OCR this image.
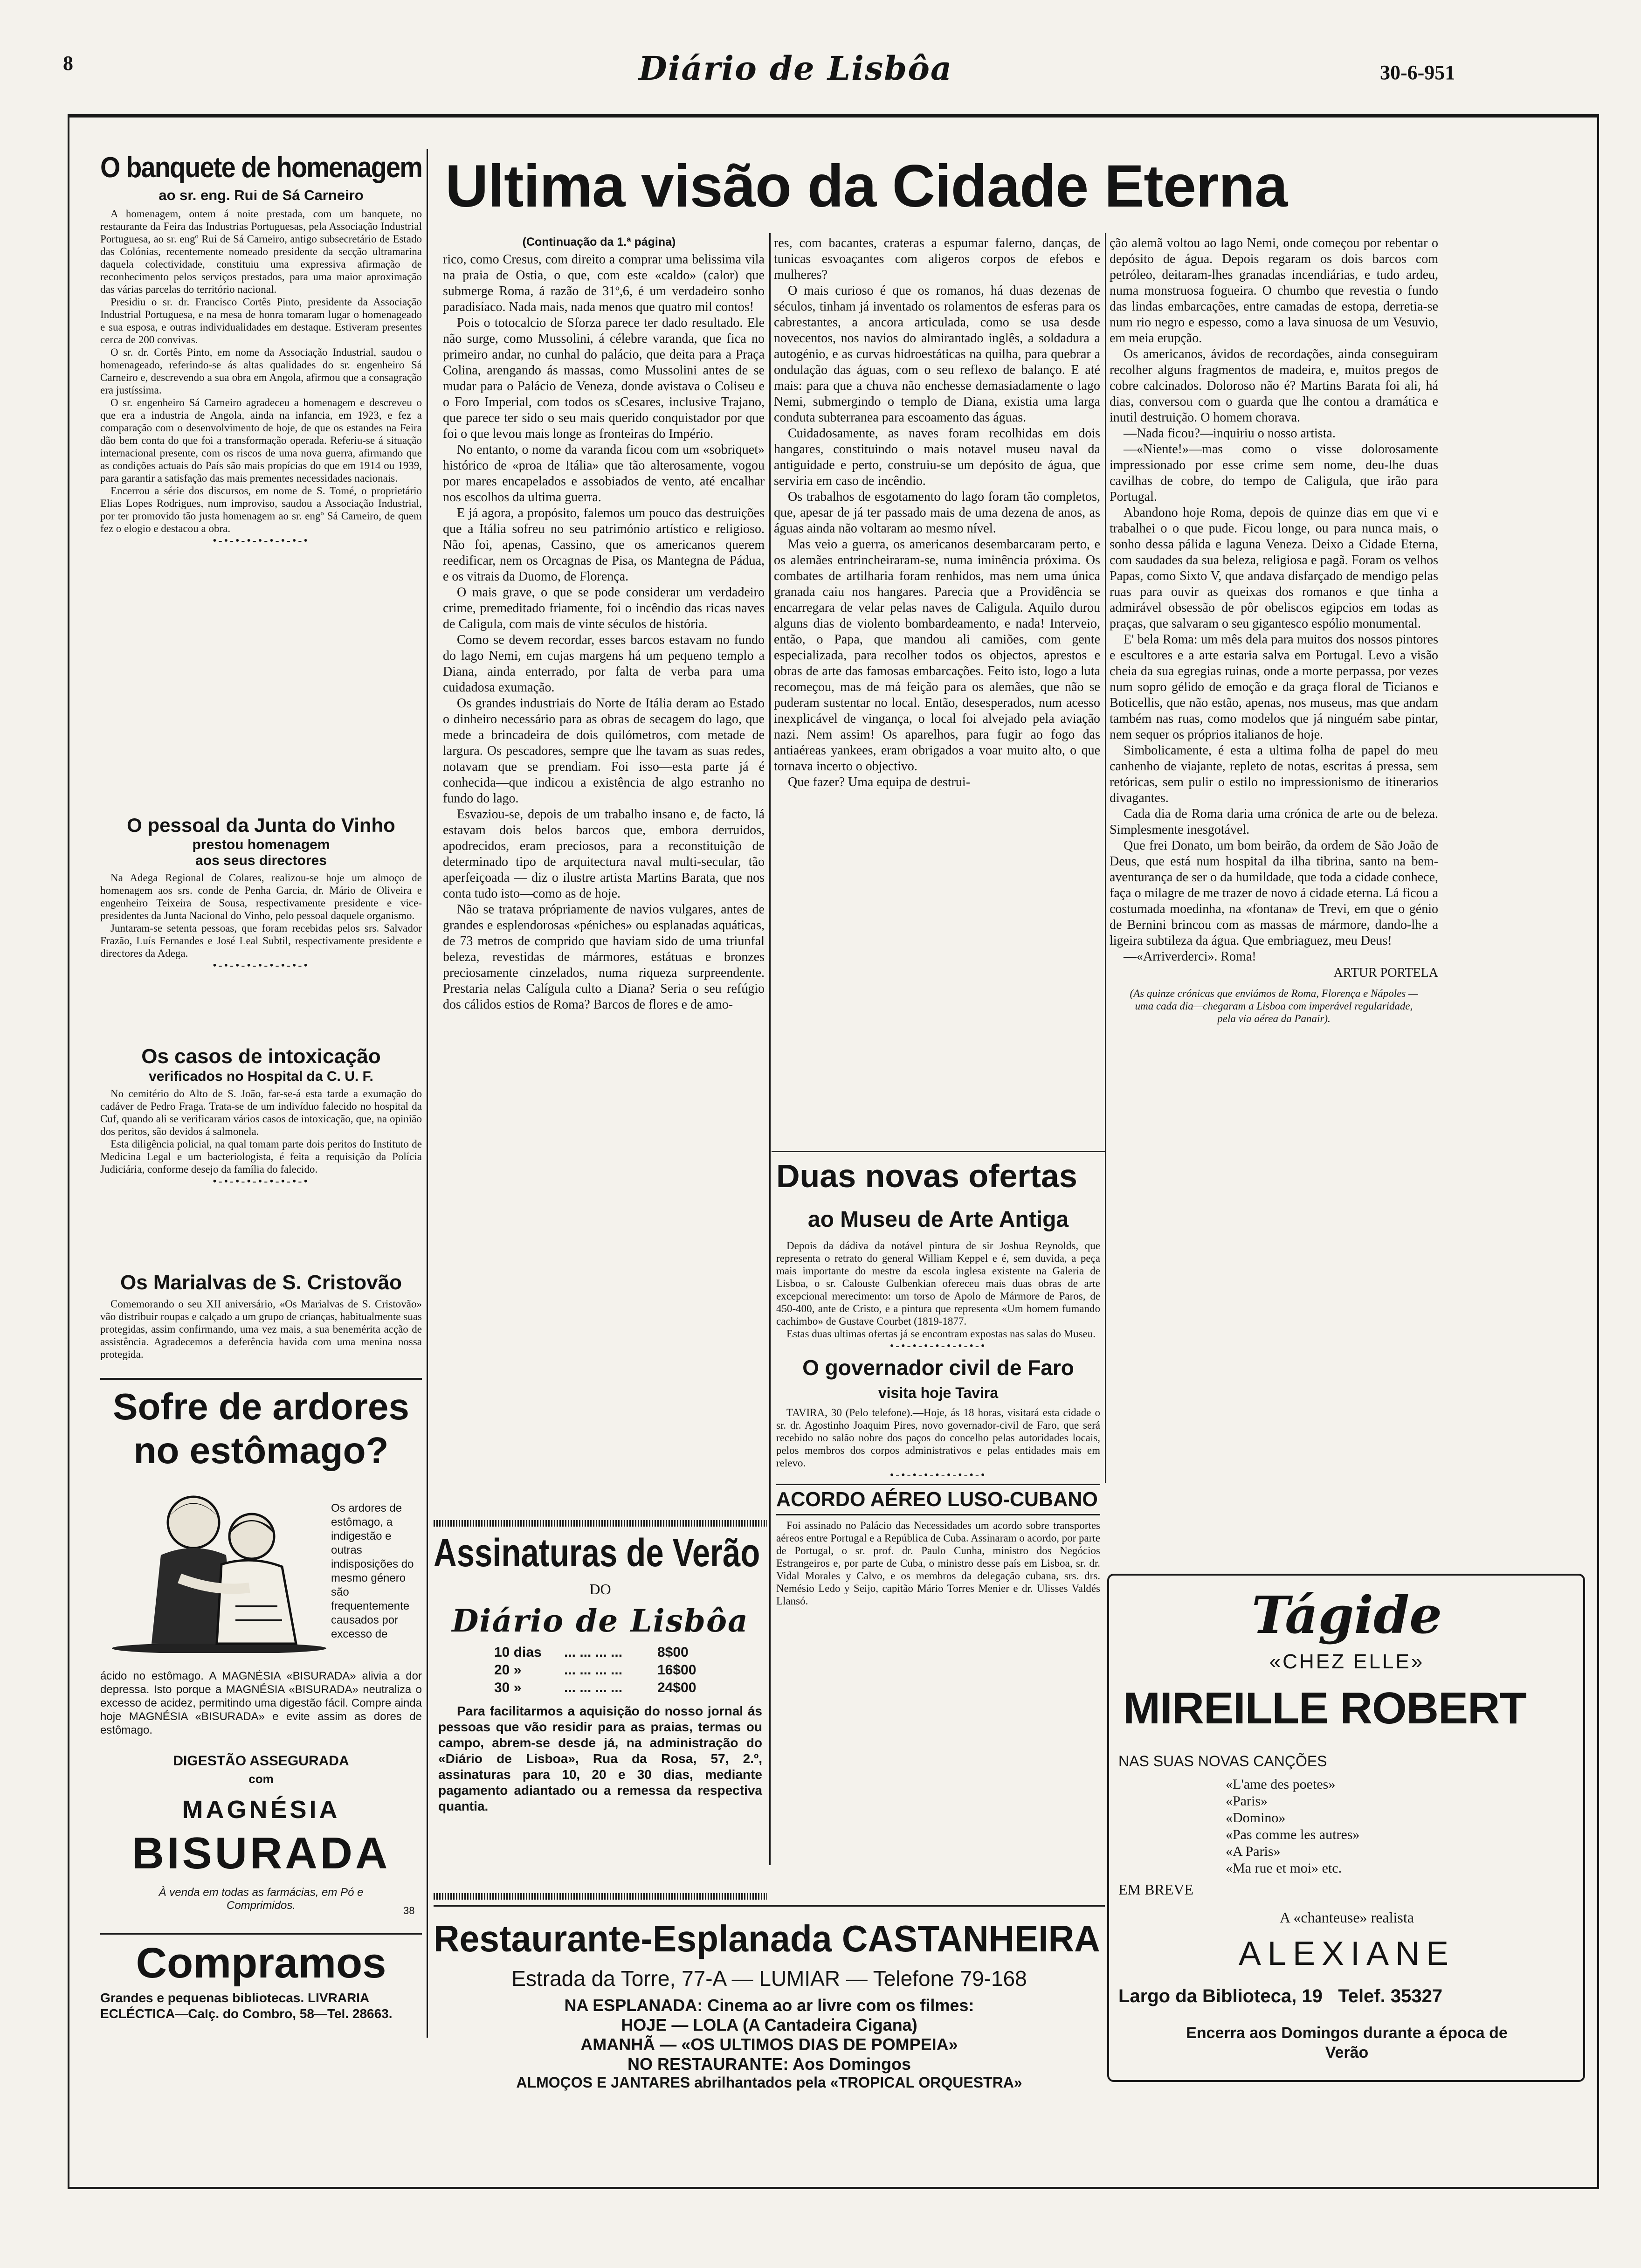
8	Diário de Lisbôa	30-6-951
O banquete de homenagem
ao sr. eng. Rui de Sá Carneiro

A homenagem, ontem á noite prestada, com um banquete, no restaurante da Feira das Industrias Portuguesas, pela Associação Industrial Portuguesa, ao sr. engº Rui de Sá Carneiro, antigo subsecretário de Estado das Colónias, recentemente nomeado presidente da secção ultramarina daquela colectividade, constituiu uma expressiva afirmação de reconhecimento pelos serviços prestados, para uma maior aproximação das várias parcelas do território nacional.

Presidiu o sr. dr. Francisco Cortês Pinto, presidente da Associação Industrial Portuguesa, e na mesa de honra tomaram lugar o homenageado e sua esposa, e outras individualidades em destaque. Estiveram presentes cerca de 200 convivas.

O sr. dr. Cortês Pinto, em nome da Associação Industrial, saudou o homenageado, referindo-se ás altas qualidades do sr. engenheiro Sá Carneiro e, descrevendo a sua obra em Angola, afirmou que a consagração era justíssima.

O sr. engenheiro Sá Carneiro agradeceu a homenagem e descreveu o que era a industria de Angola, ainda na infancia, em 1923, e fez a comparação com o desenvolvimento de hoje, de que os estandes na Feira dão bem conta do que foi a transformação operada. Referiu-se á situação internacional presente, com os riscos de uma nova guerra, afirmando que as condições actuais do País são mais propícias do que em 1914 ou 1939, para garantir a satisfação das mais prementes necessidades nacionais.

Encerrou a série dos discursos, em nome de S. Tomé, o proprietário Elias Lopes Rodrigues, num improviso, saudou a Associação Industrial, por ter promovido tão justa homenagem ao sr. engº Sá Carneiro, de quem fez o elogio e destacou a obra.

•-•-•-•-•-•-•-•-•
O pessoal da Junta do Vinho
prestou homenagem
aos seus directores

Na Adega Regional de Colares, realizou-se hoje um almoço de homenagem aos srs. conde de Penha Garcia, dr. Mário de Oliveira e engenheiro Teixeira de Sousa, respectivamente presidente e vice-presidentes da Junta Nacional do Vinho, pelo pessoal daquele organismo.

Juntaram-se setenta pessoas, que foram recebidas pelos srs. Salvador Frazão, Luís Fernandes e José Leal Subtil, respectivamente presidente e directores da Adega.

•-•-•-•-•-•-•-•-•
Os casos de intoxicação
verificados no Hospital da C. U. F.

No cemitério do Alto de S. João, far-se-á esta tarde a exumação do cadáver de Pedro Fraga. Trata-se de um indivíduo falecido no hospital da Cuf, quando ali se verificaram vários casos de intoxicação, que, na opinião dos peritos, são devidos á salmonela.

Esta diligência policial, na qual tomam parte dois peritos do Instituto de Medicina Legal e um bacteriologista, é feita a requisição da Polícia Judiciária, conforme desejo da família do falecido.

•-•-•-•-•-•-•-•-•
Os Marialvas de S. Cristovão

Comemorando o seu XII aniversário, «Os Marialvas de S. Cristovão» vão distribuir roupas e calçado a um grupo de crianças, habitualmente suas protegidas, assim confirmando, uma vez mais, a sua benemérita acção de assistência. Agradecemos a deferência havida com uma menina nossa protegida.

Sofre de ardores
no estômago?

Os ardores de estômago, a indigestão e outras indisposições do mesmo género são frequentemente causados por excesso de

ácido no estômago. A MAGNÉSIA «BISURADA» alivia a dor depressa. Isto porque a MAGNÉSIA «BISURADA» neutraliza o excesso de acidez, permitindo uma digestão fácil. Compre ainda hoje MAGNÉSIA «BISURADA» e evite assim as dores de estômago.

DIGESTÃO ASSEGURADA
com
MAGNÉSIA
BISURADA
À venda em todas as farmácias, em Pó e Comprimidos.	38
Compramos

Grandes e pequenas bibliotecas. LIVRARIA ECLÉCTICA—Calç. do Combro, 58—Tel. 28663.

Ultima visão da Cidade Eterna
(Continuação da 1.ª página)

rico, como Cresus, com direito a comprar uma belissima vila na praia de Ostia, o que, com este «caldo» (calor) que submerge Roma, á razão de 31º,6, é um verdadeiro sonho paradisíaco. Nada mais, nada menos que quatro mil contos!

Pois o totocalcio de Sforza parece ter dado resultado. Ele não surge, como Mussolini, á célebre varanda, que fica no primeiro andar, no cunhal do palácio, que deita para a Praça Colina, arengando ás massas, como Mussolini antes de se mudar para o Palácio de Veneza, donde avistava o Coliseu e o Foro Imperial, com todos os sCesares, inclusive Trajano, que parece ter sido o seu mais querido conquistador por que foi o que levou mais longe as fronteiras do Império.

No entanto, o nome da varanda ficou com um «sobriquet» histórico de «proa de Itália» que tão alterosamente, vogou por mares encapelados e assobiados de vento, até encalhar nos escolhos da ultima guerra.

E já agora, a propósito, falemos um pouco das destruições que a Itália sofreu no seu património artístico e religioso. Não foi, apenas, Cassino, que os americanos querem reedificar, nem os Orcagnas de Pisa, os Mantegna de Pádua, e os vitrais da Duomo, de Florença.

O mais grave, o que se pode considerar um verdadeiro crime, premeditado friamente, foi o incêndio das ricas naves de Caligula, com mais de vinte séculos de história.

Como se devem recordar, esses barcos estavam no fundo do lago Nemi, em cujas margens há um pequeno templo a Diana, ainda enterrado, por falta de verba para uma cuidadosa exumação.

Os grandes industriais do Norte de Itália deram ao Estado o dinheiro necessário para as obras de secagem do lago, que mede a brincadeira de dois quilómetros, com metade de largura. Os pescadores, sempre que lhe tavam as suas redes, notavam que se prendiam. Foi isso—esta parte já é conhecida—que indicou a existência de algo estranho no fundo do lago.

Esvaziou-se, depois de um trabalho insano e, de facto, lá estavam dois belos barcos que, embora derruidos, apodrecidos, eram preciosos, para a reconstituição de determinado tipo de arquitectura naval multi-secular, tão aperfeiçoada — diz o ilustre artista Martins Barata, que nos conta tudo isto—como as de hoje.

Não se tratava própriamente de navios vulgares, antes de grandes e esplendorosas «péniches» ou esplanadas aquáticas, de 73 metros de comprido que haviam sido de uma triunfal beleza, revestidas de mármores, estátuas e bronzes preciosamente cinzelados, numa riqueza surpreendente. Prestaria nelas Calígula culto a Diana? Seria o seu refúgio dos cálidos estios de Roma? Barcos de flores e de amo-

res, com bacantes, crateras a espumar falerno, danças, de tunicas esvoaçantes com aligeros corpos de efebos e mulheres?

O mais curioso é que os romanos, há duas dezenas de séculos, tinham já inventado os rolamentos de esferas para os cabrestantes, a ancora articulada, como se usa desde novecentos, nos navios do almirantado inglês, a soldadura a autogénio, e as curvas hidroestáticas na quilha, para quebrar a ondulação das águas, com o seu reflexo de balanço. E até mais: para que a chuva não enchesse demasiadamente o lago Nemi, submergindo o templo de Diana, existia uma larga conduta subterranea para escoamento das águas.

Cuidadosamente, as naves foram recolhidas em dois hangares, constituindo o mais notavel museu naval da antiguidade e perto, construiu-se um depósito de água, que serviria em caso de incêndio.

Os trabalhos de esgotamento do lago foram tão completos, que, apesar de já ter passado mais de uma dezena de anos, as águas ainda não voltaram ao mesmo nível.

Mas veio a guerra, os americanos desembarcaram perto, e os alemães entrincheiraram-se, numa iminência próxima. Os combates de artilharia foram renhidos, mas nem uma única granada caiu nos hangares. Parecia que a Providência se encarregara de velar pelas naves de Caligula. Aquilo durou alguns dias de violento bombardeamento, e nada! Interveio, então, o Papa, que mandou ali camiões, com gente especializada, para recolher todos os objectos, aprestos e obras de arte das famosas embarcações. Feito isto, logo a luta recomeçou, mas de má feição para os alemães, que não se puderam sustentar no local. Então, desesperados, num acesso inexplicável de vingança, o local foi alvejado pela aviação nazi. Nem assim! Os aparelhos, para fugir ao fogo das antiaéreas yankees, eram obrigados a voar muito alto, o que tornava incerto o objectivo.

Que fazer? Uma equipa de destrui-

ção alemã voltou ao lago Nemi, onde começou por rebentar o depósito de água. Depois regaram os dois barcos com petróleo, deitaram-lhes granadas incendiárias, e tudo ardeu, numa monstruosa fogueira. O chumbo que revestia o fundo das lindas embarcações, entre camadas de estopa, derretia-se num rio negro e espesso, como a lava sinuosa de um Vesuvio, em meia erupção.

Os americanos, ávidos de recordações, ainda conseguiram recolher alguns fragmentos de madeira, e, muitos pregos de cobre calcinados. Doloroso não é? Martins Barata foi ali, há dias, conversou com o guarda que lhe contou a dramática e inutil destruição. O homem chorava.

—Nada ficou?—inquiriu o nosso artista.

—«Niente!»—mas como o visse dolorosamente impressionado por esse crime sem nome, deu-lhe duas cavilhas de cobre, do tempo de Caligula, que irão para Portugal.

Abandono hoje Roma, depois de quinze dias em que vi e trabalhei o o que pude. Ficou longe, ou para nunca mais, o sonho dessa pálida e laguna Veneza. Deixo a Cidade Eterna, com saudades da sua beleza, religiosa e pagã. Foram os velhos Papas, como Sixto V, que andava disfarçado de mendigo pelas ruas para ouvir as queixas dos romanos e que tinha a admirável obsessão de pôr obeliscos egipcios em todas as praças, que salvaram o seu gigantesco espólio monumental.

E' bela Roma: um mês dela para muitos dos nossos pintores e escultores e a arte estaria salva em Portugal. Levo a visão cheia da sua egregias ruinas, onde a morte perpassa, por vezes num sopro gélido de emoção e da graça floral de Ticianos e Boticellis, que não estão, apenas, nos museus, mas que andam também nas ruas, como modelos que já ninguém sabe pintar, nem sequer os próprios italianos de hoje.

Simbolicamente, é esta a ultima folha de papel do meu canhenho de viajante, repleto de notas, escritas á pressa, sem retóricas, sem pulir o estilo no impressionismo de itinerarios divagantes.

Cada dia de Roma daria uma crónica de arte ou de beleza. Simplesmente inesgotável.

Que frei Donato, um bom beirão, da ordem de São João de Deus, que está num hospital da ilha tibrina, santo na bem-aventurança de ser o da humildade, que toda a cidade conhece, faça o milagre de me trazer de novo á cidade eterna. Lá ficou a costumada moedinha, na «fontana» de Trevi, em que o génio de Bernini brincou com as massas de mármore, dando-lhe a ligeira subtileza da água. Que embriaguez, meu Deus!

—«Arriverderci». Roma!

ARTUR PORTELA

(As quinze crónicas que enviámos de Roma, Florença e Nápoles — uma cada dia—chegaram a Lisboa com imperável regularidade, pela via aérea da Panair).

Duas novas ofertas
ao Museu de Arte Antiga

Depois da dádiva da notável pintura de sir Joshua Reynolds, que representa o retrato do general William Keppel e é, sem duvida, a peça mais importante do mestre da escola inglesa existente na Galeria de Lisboa, o sr. Calouste Gulbenkian ofereceu mais duas obras de arte excepcional merecimento: um torso de Apolo de Mármore de Paros, de 450-400, ante de Cristo, e a pintura que representa «Um homem fumando cachimbo» de Gustave Courbet (1819-1877.

Estas duas ultimas ofertas já se encontram expostas nas salas do Museu.

•-•-•-•-•-•-•-•-•
O governador civil de Faro
visita hoje Tavira

TAVIRA, 30 (Pelo telefone).—Hoje, ás 18 horas, visitará esta cidade o sr. dr. Agostinho Joaquim Pires, novo governador-civil de Faro, que será recebido no salão nobre dos paços do concelho pelas autoridades locais, pelos membros dos corpos administrativos e pelas entidades mais em relevo.

•-•-•-•-•-•-•-•-•
ACORDO AÉREO LUSO-CUBANO

Foi assinado no Palácio das Necessidades um acordo sobre transportes aéreos entre Portugal e a República de Cuba. Assinaram o acordo, por parte de Portugal, o sr. prof. dr. Paulo Cunha, ministro dos Negócios Estrangeiros e, por parte de Cuba, o ministro desse país em Lisboa, sr. dr. Vidal Morales y Calvo, e os membros da delegação cubana, srs. drs. Nemésio Ledo y Seijo, capitão Mário Torres Menier e dr. Ulisses Valdés Llansó.	Tágide
«CHEZ ELLE»
MIREILLE ROBERT
NAS SUAS NOVAS CANÇÕES
«L'ame des poetes»
«Paris»
«Domino»
«Pas comme les autres»
«A Paris»
«Ma rue et moi» etc.
EM BREVE
A «chanteuse» realista
ALEXIANE
Largo da Biblioteca, 19   Telef. 35327
Encerra aos Domingos durante a época de Verão
Assinaturas de Verão
DO
Diário de Lisbôa
10 dias ... ... ... ... 8$00
20 »	... ... ... ... 16$00
30 »	... ... ... ... 24$00

Para facilitarmos a aquisição do nosso jornal ás pessoas que vão residir para as praias, termas ou campo, abrem-se desde já, na administração do «Diário de Lisboa», Rua da Rosa, 57, 2.º, assinaturas para 10, 20 e 30 dias, mediante pagamento adiantado ou a remessa da respectiva quantia.

Restaurante-Esplanada CASTANHEIRA
Estrada da Torre, 77-A — LUMIAR — Telefone 79-168
NA ESPLANADA: Cinema ao ar livre com os filmes:
HOJE — LOLA (A Cantadeira Cigana)
AMANHÃ — «OS ULTIMOS DIAS DE POMPEIA»
NO RESTAURANTE: Aos Domingos
ALMOÇOS E JANTARES abrilhantados pela «TROPICAL ORQUESTRA»
